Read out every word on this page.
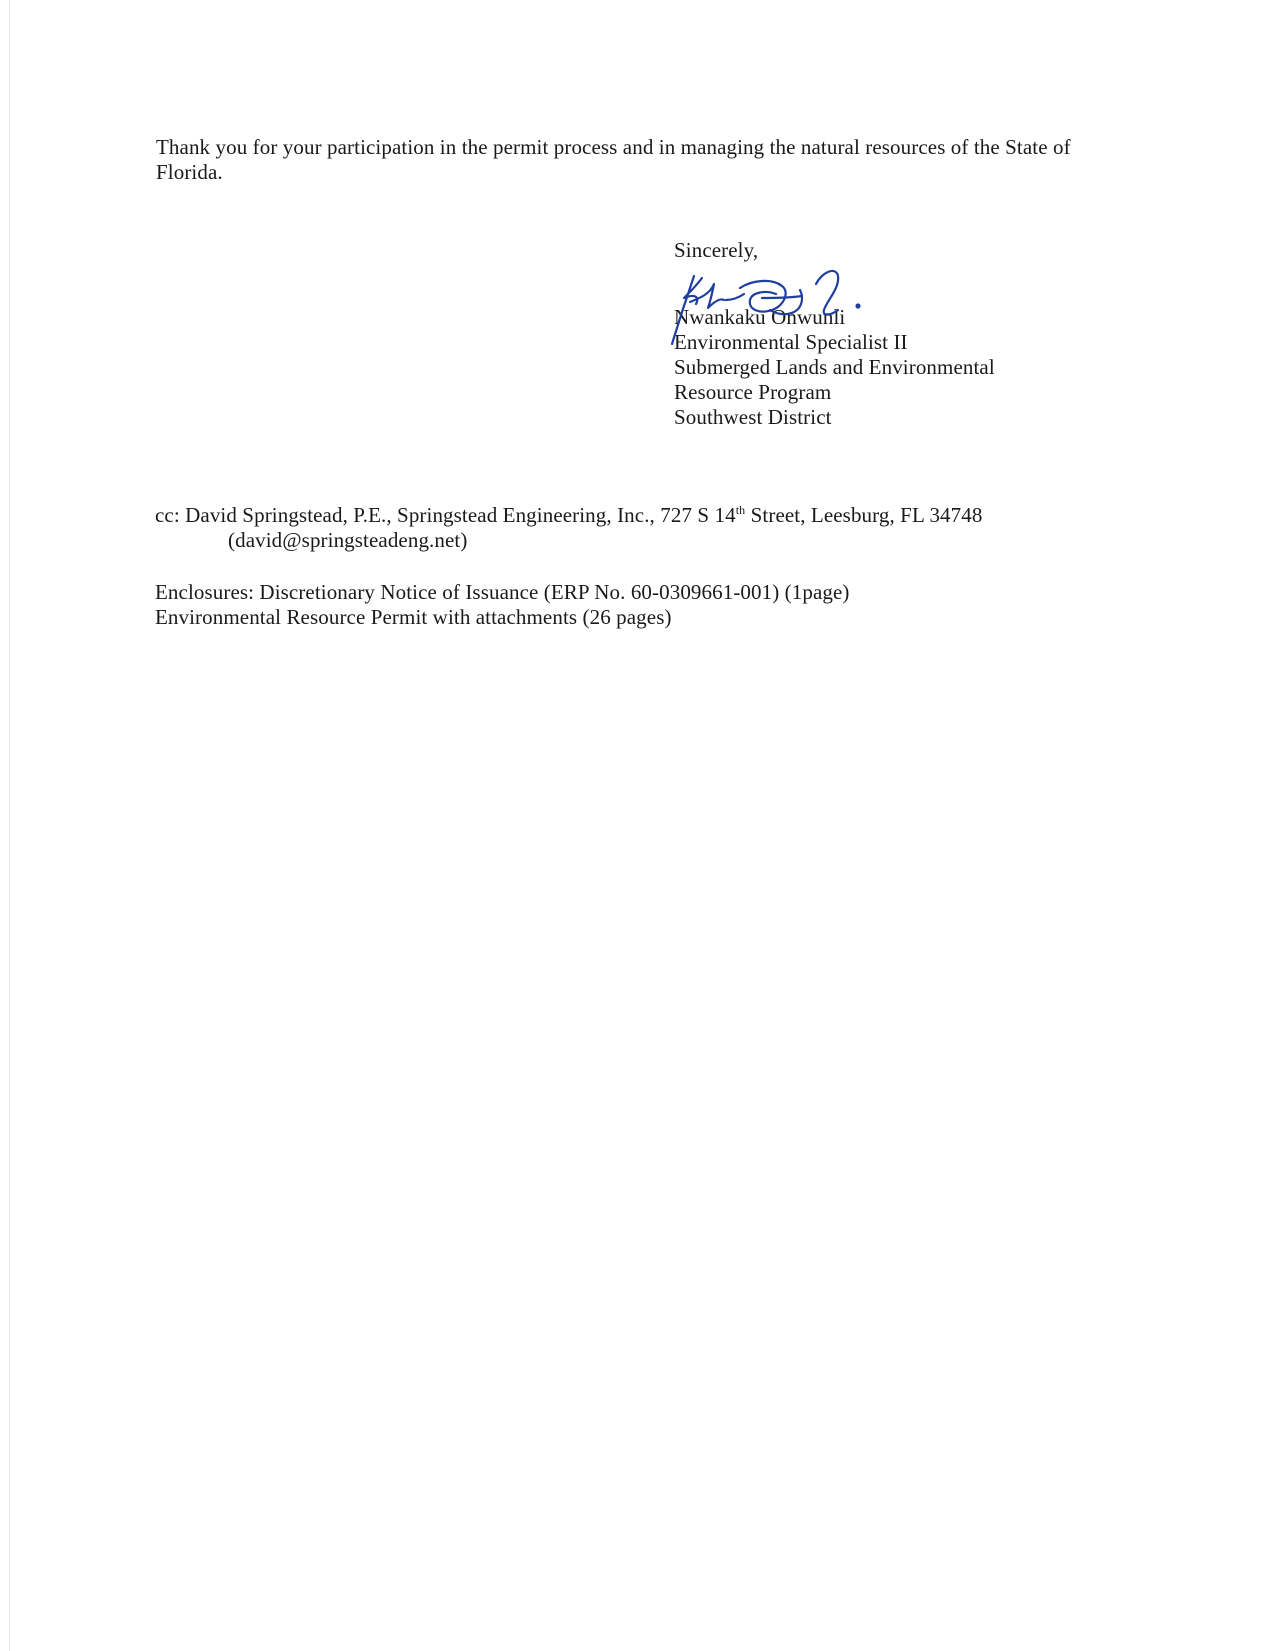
Thank you for your participation in the permit process and in managing the natural resources of the State of

Florida.

Sincerely,
Nwankaku Onwunli
Environmental Specialist II
Submerged Lands and Environmental
Resource Program
Southwest District
cc: David Springstead, P.E., Springstead Engineering, Inc., 727 S 14th Street, Leesburg, FL 34748
(david@springsteadeng.net)
Enclosures: Discretionary Notice of Issuance (ERP No. 60-0309661-001) (1page)
Environmental Resource Permit with attachments (26 pages)
